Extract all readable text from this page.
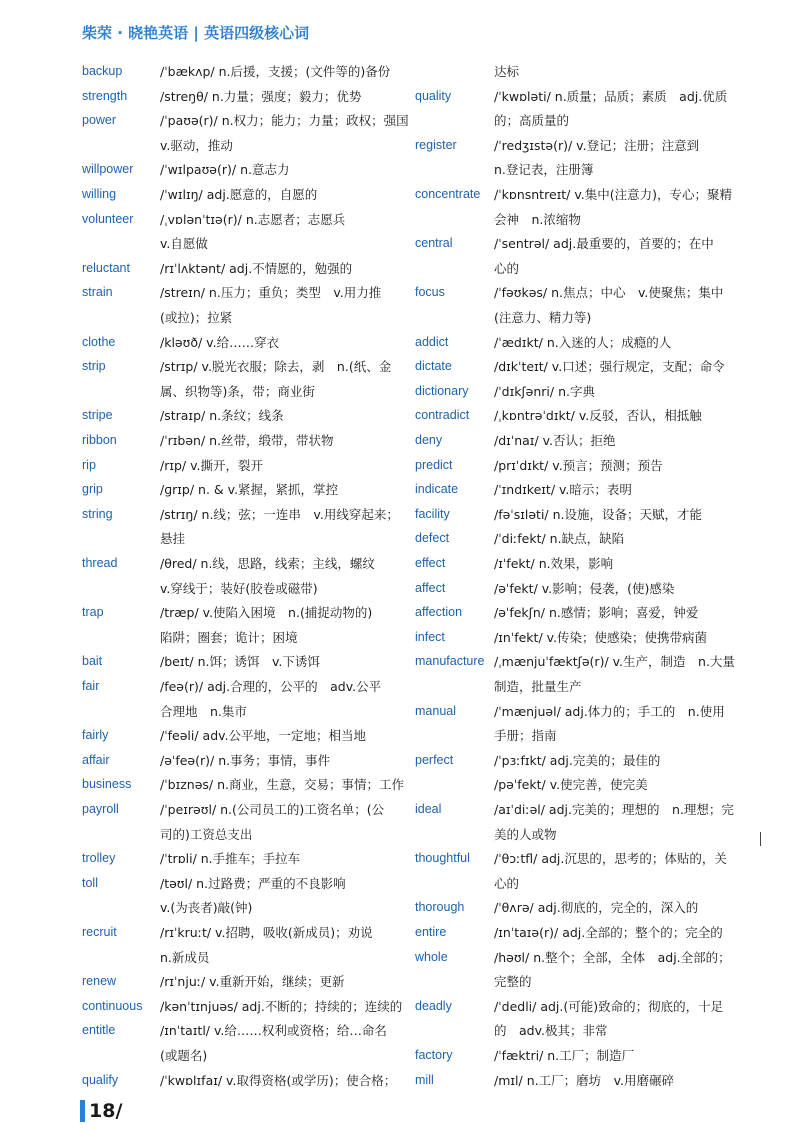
柴荣 · 晓艳英语 | 英语四级核心词
backup	/ˈbækʌp/ n.后援，支援；(文件等的)备份
strength	/streŋθ/ n.力量；强度；毅力；优势
power	/ˈpaʊə(r)/ n.权力；能力；力量；政权；强国
v.驱动，推动
willpower /ˈwɪlpaʊə(r)/ n.意志力
willing	/ˈwɪlɪŋ/ adj.愿意的，自愿的
volunteer /ˌvɒlənˈtɪə(r)/ n.志愿者；志愿兵
v.自愿做
reluctant /rɪˈlʌktənt/ adj.不情愿的，勉强的
strain	/streɪn/ n.压力；重负；类型　v.用力推
(或拉)；拉紧
clothe	/kləʊð/ v.给……穿衣
strip	/strɪp/ v.脱光衣服；除去，剥　n.(纸、金
属、织物等)条，带；商业街
stripe	/straɪp/ n.条纹；线条
ribbon	/ˈrɪbən/ n.丝带，缎带，带状物
rip	/rɪp/ v.撕开，裂开
grip	/ɡrɪp/ n. & v.紧握，紧抓，掌控
string	/strɪŋ/ n.线；弦；一连串　v.用线穿起来；
悬挂
thread	/θred/ n.线，思路，线索；主线，螺纹
v.穿线于；装好(胶卷或磁带)
trap	/træp/ v.使陷入困境　n.(捕捉动物的)
陷阱；圈套；诡计；困境
bait	/beɪt/ n.饵；诱饵　v.下诱饵
fair	/feə(r)/ adj.合理的，公平的　adv.公平
合理地　n.集市
fairly	/ˈfeəli/ adv.公平地，一定地；相当地
affair	/əˈfeə(r)/ n.事务；事情，事件
business /ˈbɪznəs/ n.商业，生意，交易；事情；工作
payroll	/ˈpeɪrəʊl/ n.(公司员工的)工资名单；(公
司的)工资总支出
trolley	/ˈtrɒli/ n.手推车；手拉车
toll	/təʊl/ n.过路费；严重的不良影响
v.(为丧者)敲(钟)
recruit	/rɪˈkruːt/ v.招聘，吸收(新成员)；劝说
n.新成员
renew	/rɪˈnjuː/ v.重新开始，继续；更新
continuous /kənˈtɪnjuəs/ adj.不断的；持续的；连续的
entitle	/ɪnˈtaɪtl/ v.给……权利或资格；给…命名
(或题名)
qualify	/ˈkwɒlɪfaɪ/ v.取得资格(或学历)；使合格；
达标
quality	/ˈkwɒləti/ n.质量；品质；素质　adj.优质
的；高质量的
register	/ˈredʒɪstə(r)/ v.登记；注册；注意到
n.登记表，注册簿
concentrate /ˈkɒnsntreɪt/ v.集中(注意力)，专心；聚精
会神　n.浓缩物
central	/ˈsentrəl/ adj.最重要的，首要的；在中
心的
focus	/ˈfəʊkəs/ n.焦点；中心　v.使聚焦；集中
(注意力、精力等)
addict	/ˈædɪkt/ n.入迷的人；成瘾的人
dictate	/dɪkˈteɪt/ v.口述；强行规定，支配；命令
dictionary /ˈdɪkʃənri/ n.字典
contradict /ˌkɒntrəˈdɪkt/ v.反驳，否认，相抵触
deny	/dɪˈnaɪ/ v.否认；拒绝
predict	/prɪˈdɪkt/ v.预言；预测；预告
indicate	/ˈɪndɪkeɪt/ v.暗示；表明
facility	/fəˈsɪləti/ n.设施，设备；天赋，才能
defect	/ˈdiːfekt/ n.缺点，缺陷
effect	/ɪˈfekt/ n.效果，影响
affect	/əˈfekt/ v.影响；侵袭，(使)感染
affection	/əˈfekʃn/ n.感情；影响；喜爱，钟爱
infect	/ɪnˈfekt/ v.传染；使感染；使携带病菌
manufacture /ˌmænjuˈfæktʃə(r)/ v.生产，制造　n.大量
制造，批量生产
manual	/ˈmænjuəl/ adj.体力的；手工的　n.使用
手册；指南
perfect	/ˈpɜːfɪkt/ adj.完美的；最佳的
/pəˈfekt/ v.使完善，使完美
ideal	/aɪˈdiːəl/ adj.完美的；理想的　n.理想；完
美的人或物
thoughtful /ˈθɔːtfl/ adj.沉思的，思考的；体贴的，关
心的
thorough /ˈθʌrə/ adj.彻底的，完全的，深入的
entire	/ɪnˈtaɪə(r)/ adj.全部的；整个的；完全的
whole	/həʊl/ n.整个；全部，全体　adj.全部的；
完整的
deadly	/ˈdedli/ adj.(可能)致命的；彻底的，十足
的　adv.极其；非常
factory	/ˈfæktri/ n.工厂；制造厂
mill	/mɪl/ n.工厂；磨坊　v.用磨碾碎
18/
